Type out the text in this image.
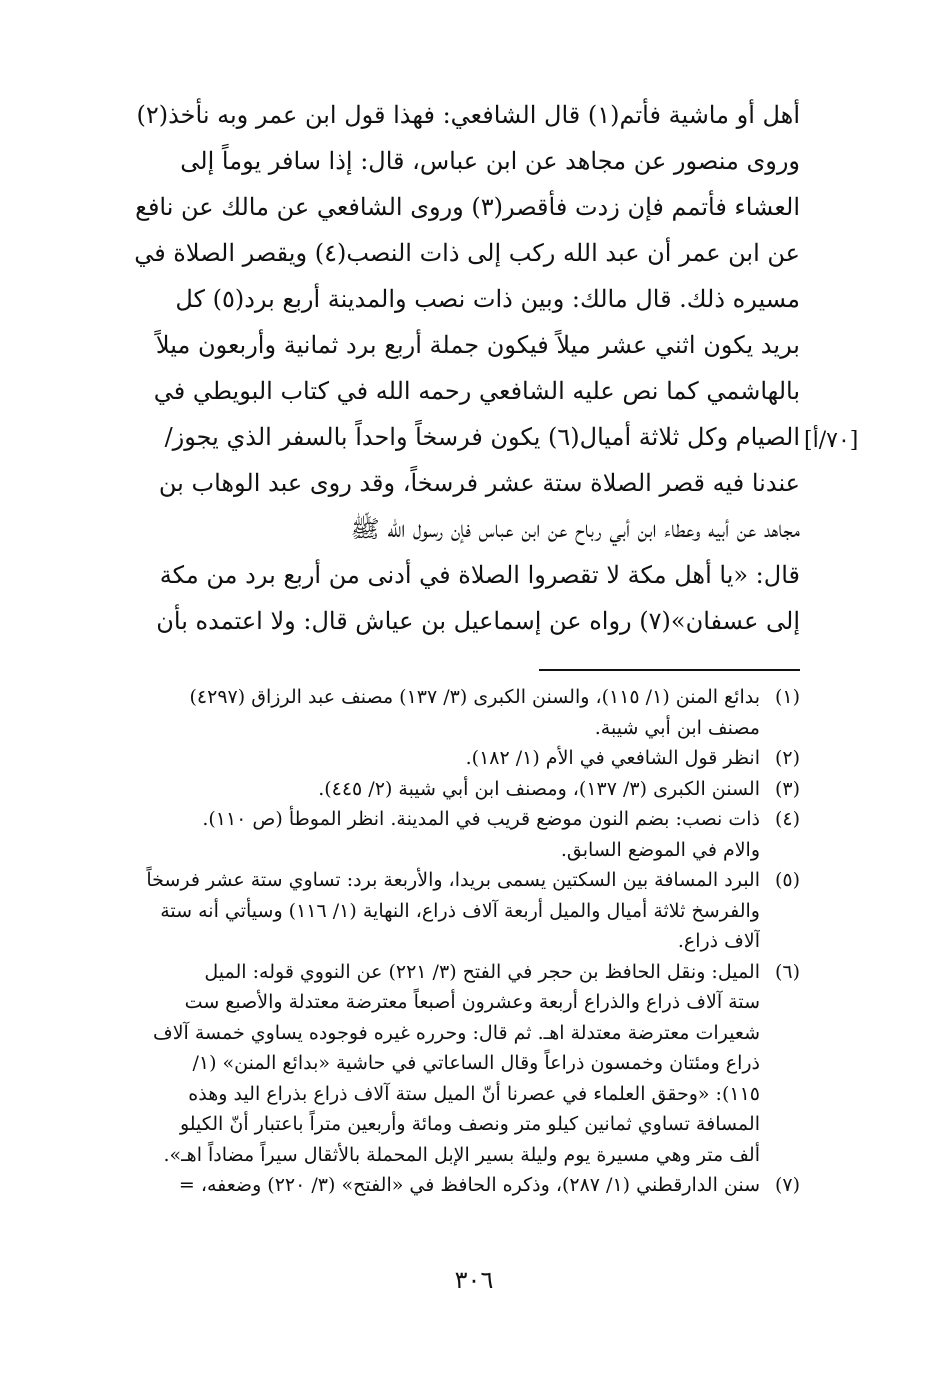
[٧٠/أ]
أهل أو ماشية فأتم(١) قال الشافعي: فهذا قول ابن عمر وبه نأخذ(٢)
وروى منصور عن مجاهد عن ابن عباس، قال: إذا سافر يوماً إلى
العشاء فأتمم فإن زدت فأقصر(٣) وروى الشافعي عن مالك عن نافع
عن ابن عمر أن عبد الله ركب إلى ذات النصب(٤) ويقصر الصلاة في
مسيره ذلك. قال مالك: وبين ذات نصب والمدينة أربع برد(٥) كل
بريد يكون اثني عشر ميلاً فيكون جملة أربع برد ثمانية وأربعون ميلاً
بالهاشمي كما نص عليه الشافعي رحمه الله في كتاب البويطي في
الصيام وكل ثلاثة أميال(٦) يكون فرسخاً واحداً بالسفر الذي يجوز/
عندنا فيه قصر الصلاة ستة عشر فرسخاً، وقد روى عبد الوهاب بن
مجاهد عن أبيه وعطاء ابن أبي رباح عن ابن عباس فإن رسول الله ﷺ
قال: «يا أهل مكة لا تقصروا الصلاة في أدنى من أربع برد من مكة
إلى عسفان»(٧) رواه عن إسماعيل بن عياش قال: ولا اعتمده بأن
(١)
بدائع المنن (١/ ١١٥)، والسنن الكبرى (٣/ ١٣٧) مصنف عبد الرزاق (٤٢٩٧)
مصنف ابن أبي شيبة.
(٢)
انظر قول الشافعي في الأم (١/ ١٨٢).
(٣)
السنن الكبرى (٣/ ١٣٧)، ومصنف ابن أبي شيبة (٢/ ٤٤٥).
(٤)
ذات نصب: بضم النون موضع قريب في المدينة. انظر الموطأ (ص ١١٠).
والام في الموضع السابق.
(٥)
البرد المسافة بين السكتين يسمى بريدا، والأربعة برد: تساوي ستة عشر فرسخاً
والفرسخ ثلاثة أميال والميل أربعة آلاف ذراع، النهاية (١/ ١١٦) وسيأتي أنه ستة
آلاف ذراع.
(٦)
الميل: ونقل الحافظ بن حجر في الفتح (٣/ ٢٢١) عن النووي قوله: الميل
ستة آلاف ذراع والذراع أربعة وعشرون أصبعاً معترضة معتدلة والأصبع ست
شعيرات معترضة معتدلة اهـ. ثم قال: وحرره غيره فوجوده يساوي خمسة آلاف
ذراع ومئتان وخمسون ذراعاً وقال الساعاتي في حاشية «بدائع المنن» (١/
١١٥): «وحقق العلماء في عصرنا أنّ الميل ستة آلاف ذراع بذراع اليد وهذه
المسافة تساوي ثمانين كيلو متر ونصف ومائة وأربعين متراً باعتبار أنّ الكيلو
ألف متر وهي مسيرة يوم وليلة بسير الإبل المحملة بالأثقال سيراً مضاداً اهـ».
(٧)
سنن الدارقطني (١/ ٢٨٧)، وذكره الحافظ في «الفتح» (٣/ ٢٢٠) وضعفه، =
٣٠٦
